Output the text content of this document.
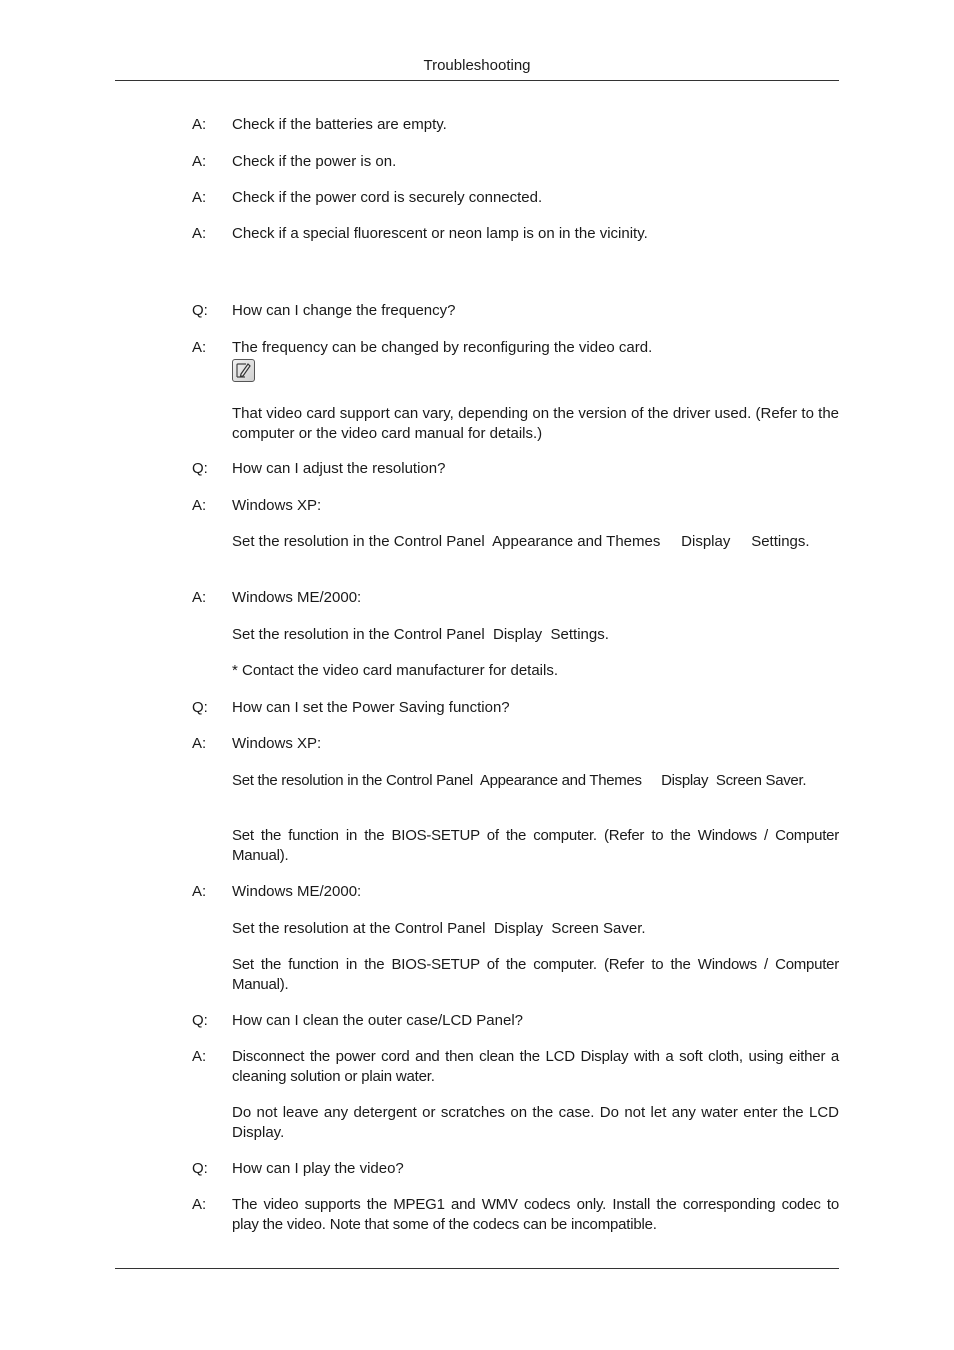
Troubleshooting
A: Check if the batteries are empty.
A: Check if the power is on.
A: Check if the power cord is securely connected.
A: Check if a special fluorescent or neon lamp is on in the vicinity.
Q: How can I change the frequency?
A: The frequency can be changed by reconfiguring the video card.
That video card support can vary, depending on the version of the driver used. (Refer to the computer or the video card manual for details.)
Q: How can I adjust the resolution?
A: Windows XP:
Set the resolution in the Control Panel  Appearance and Themes     Display     Settings.
A: Windows ME/2000:
Set the resolution in the Control Panel  Display  Settings.
* Contact the video card manufacturer for details.
Q: How can I set the Power Saving function?
A: Windows XP:
Set the resolution in the Control Panel  Appearance and Themes     Display  Screen Saver.
Set the function in the BIOS-SETUP of the computer. (Refer to the Windows / Computer Manual).
A: Windows ME/2000:
Set the resolution at the Control Panel  Display  Screen Saver.
Set the function in the BIOS-SETUP of the computer. (Refer to the Windows / Computer Manual).
Q: How can I clean the outer case/LCD Panel?
A: Disconnect the power cord and then clean the LCD Display with a soft cloth, using either a cleaning solution or plain water.
Do not leave any detergent or scratches on the case. Do not let any water enter the LCD Display.
Q: How can I play the video?
A: The video supports the MPEG1 and WMV codecs only. Install the corresponding codec to play the video. Note that some of the codecs can be incompatible.
